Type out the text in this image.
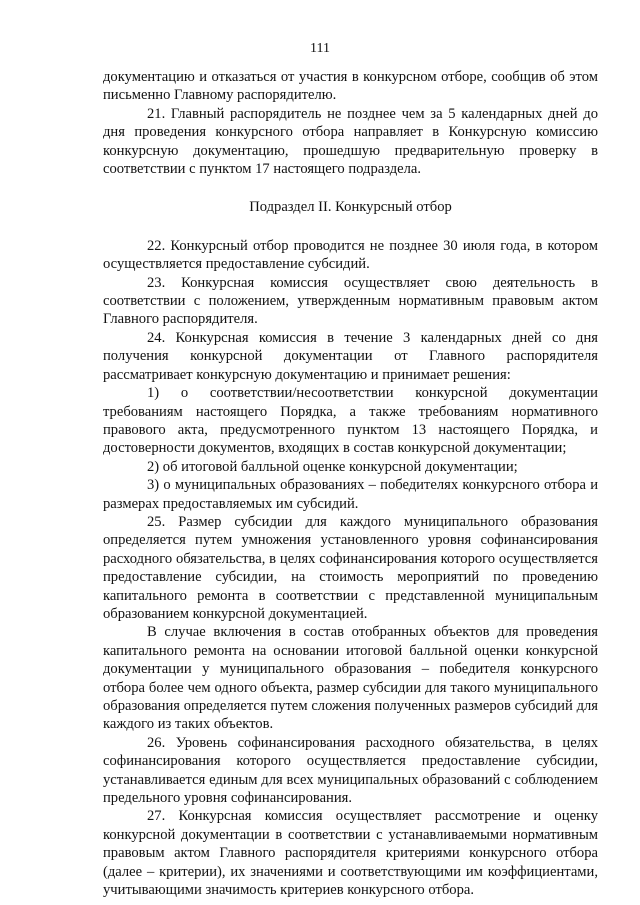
111

документацию и отказаться от участия в конкурсном отборе, сообщив об этом письменно Главному распорядителю.

21. Главный распорядитель не позднее чем за 5 календарных дней до дня проведения конкурсного отбора направляет в Конкурсную комиссию конкурсную документацию, прошедшую предварительную проверку в соответствии с пунктом 17 настоящего подраздела.

Подраздел II. Конкурсный отбор

22. Конкурсный отбор проводится не позднее 30 июля года, в котором осуществляется предоставление субсидий.

23. Конкурсная комиссия осуществляет свою деятельность в соответствии с положением, утвержденным нормативным правовым актом Главного распорядителя.

24. Конкурсная комиссия в течение 3 календарных дней со дня получения конкурсной документации от Главного распорядителя рассматривает конкурсную документацию и принимает решения:

1) о соответствии/несоответствии конкурсной документации требованиям настоящего Порядка, а также требованиям нормативного правового акта, предусмотренного пунктом 13 настоящего Порядка, и достоверности документов, входящих в состав конкурсной документации;

2) об итоговой балльной оценке конкурсной документации;

3) о муниципальных образованиях – победителях конкурсного отбора и размерах предоставляемых им субсидий.

25. Размер субсидии для каждого муниципального образования определяется путем умножения установленного уровня софинансирования расходного обязательства, в целях софинансирования которого осуществляется предоставление субсидии, на стоимость мероприятий по проведению капитального ремонта в соответствии с представленной муниципальным образованием конкурсной документацией.

В случае включения в состав отобранных объектов для проведения капитального ремонта на основании итоговой балльной оценки конкурсной документации у муниципального образования – победителя конкурсного отбора более чем одного объекта, размер субсидии для такого муниципального образования определяется путем сложения полученных размеров субсидий для каждого из таких объектов.

26. Уровень софинансирования расходного обязательства, в целях софинансирования которого осуществляется предоставление субсидии, устанавливается единым для всех муниципальных образований с соблюдением предельного уровня софинансирования.

27. Конкурсная комиссия осуществляет рассмотрение и оценку конкурсной документации в соответствии с устанавливаемыми нормативным правовым актом Главного распорядителя критериями конкурсного отбора (далее – критерии), их значениями и соответствующими им коэффициентами, учитывающими значимость критериев конкурсного отбора.
